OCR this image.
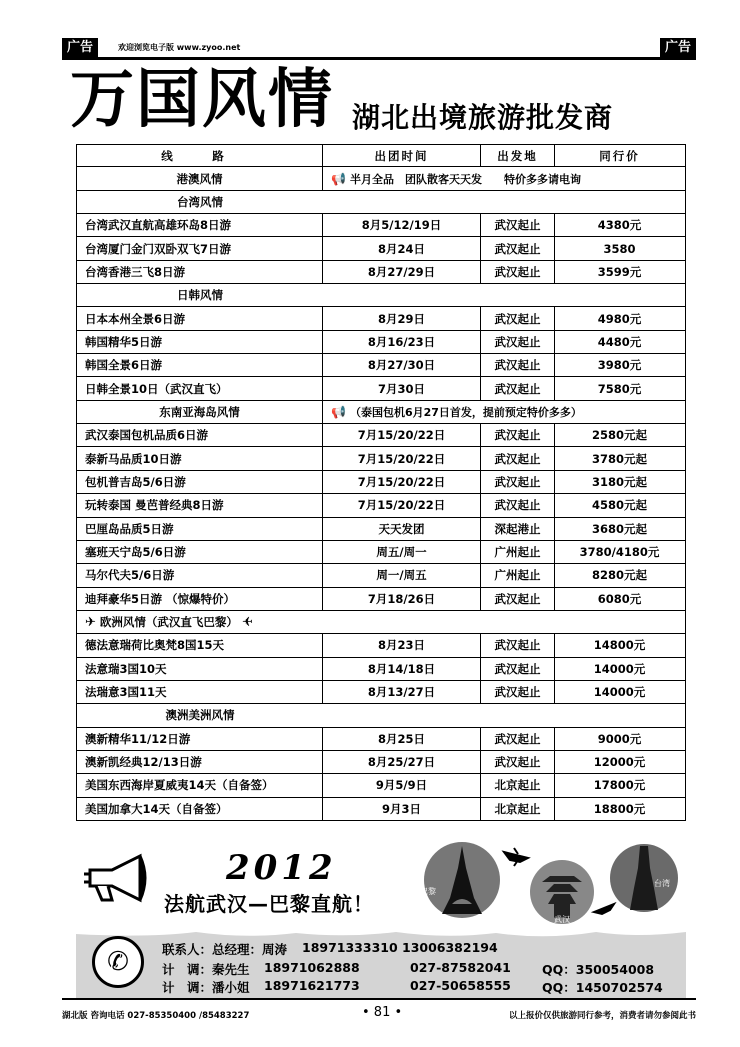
广告	欢迎浏览电子版 www.zyoo.net	广告
万国风情 湖北出境旅游批发商
线　路	出团时间	出发地	同行价
港澳风情	📢 半月全品　团队散客天天发　　特价多多请电询
台湾风情
台湾武汉直航高雄环岛8日游	8月5/12/19日	武汉起止	4380元
台湾厦门金门双卧双飞7日游	8月24日	武汉起止	3580
台湾香港三飞8日游	8月27/29日	武汉起止	3599元
日韩风情
日本本州全景6日游	8月29日	武汉起止	4980元
韩国精华5日游	8月16/23日	武汉起止	4480元
韩国全景6日游	8月27/30日	武汉起止	3980元
日韩全景10日（武汉直飞）	7月30日	武汉起止	7580元
东南亚海岛风情	📢 （泰国包机6月27日首发，提前预定特价多多）
武汉泰国包机品质6日游	7月15/20/22日	武汉起止	2580元起
泰新马品质10日游	7月15/20/22日	武汉起止	3780元起
包机普吉岛5/6日游	7月15/20/22日	武汉起止	3180元起
玩转泰国 曼芭普经典8日游	7月15/20/22日	武汉起止	4580元起
巴厘岛品质5日游	天天发团	深起港止	3680元起
塞班天宁岛5/6日游	周五/周一	广州起止	3780/4180元
马尔代夫5/6日游	周一/周五	广州起止	8280元起
迪拜豪华5日游 （惊爆特价）	7月18/26日	武汉起止	6080元
✈ 欧洲风情（武汉直飞巴黎） ✈
德法意瑞荷比奥梵8国15天	8月23日	武汉起止	14800元
法意瑞3国10天	8月14/18日	武汉起止	14000元
法瑞意3国11天	8月13/27日	武汉起止	14000元
澳洲美洲风情
澳新精华11/12日游	8月25日	武汉起止	9000元
澳新凯经典12/13日游	8月25/27日	武汉起止	12000元
美国东西海岸夏威夷14天（自备签）	9月5/9日	北京起止	17800元
美国加拿大14天（自备签）	9月3日	北京起止	18800元
2012
法航武汉—巴黎直航！
巴黎
武汉
台湾
✆	联系人：总经理：周涛 18971333310 13006382194
计　调：秦先生 18971062888	027-87582041 QQ：350054008
计　调：潘小姐 18971621773	027-50658555 QQ：1450702574
湖北版 咨询电话 027-85350400 /85483227	• 81 •	以上报价仅供旅游同行参考，消费者请勿参阅此书
